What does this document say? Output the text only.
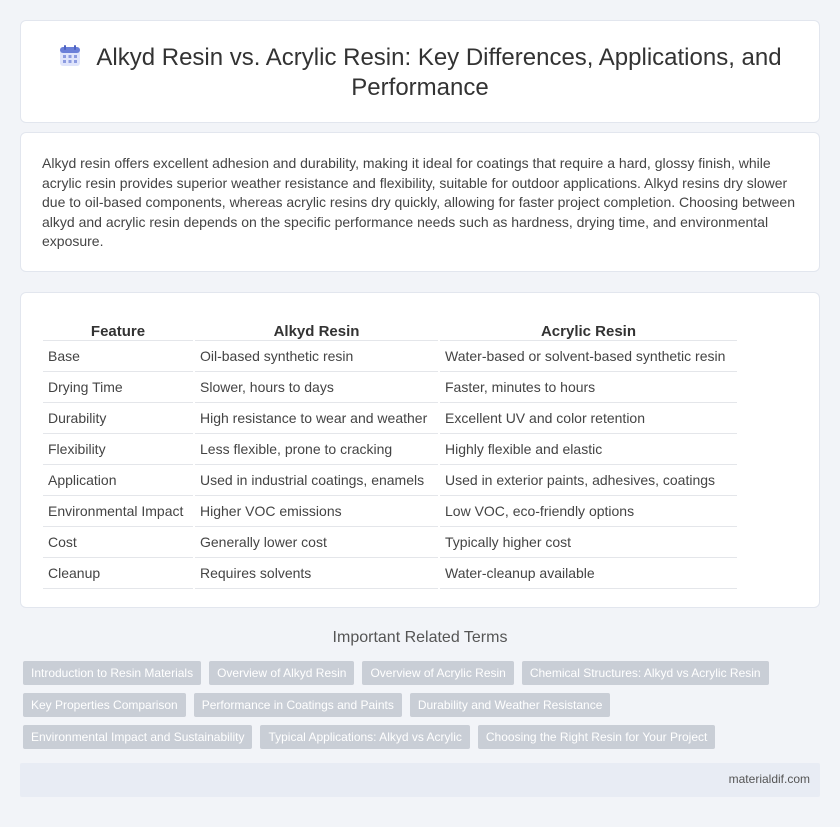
Alkyd Resin vs. Acrylic Resin: Key Differences, Applications, and
Performance

Alkyd resin offers excellent adhesion and durability, making it ideal for coatings that require a hard, glossy finish, while acrylic resin provides superior weather resistance and flexibility, suitable for outdoor applications. Alkyd resins dry slower due to oil-based components, whereas acrylic resins dry quickly, allowing for faster project completion. Choosing between alkyd and acrylic resin depends on the specific performance needs such as hardness, drying time, and environmental exposure.

Feature		Alkyd Resin		Acrylic Resin
Base		Oil-based synthetic resin		Water-based or solvent-based synthetic resin
Drying Time		Slower, hours to days		Faster, minutes to hours
Durability		High resistance to wear and weather		Excellent UV and color retention
Flexibility		Less flexible, prone to cracking		Highly flexible and elastic
Application		Used in industrial coatings, enamels		Used in exterior paints, adhesives, coatings
Environmental Impact		Higher VOC emissions		Low VOC, eco-friendly options
Cost		Generally lower cost		Typically higher cost
Cleanup		Requires solvents		Water-cleanup available
Important Related Terms
Introduction to Resin Materials	Overview of Alkyd Resin	Overview of Acrylic Resin	Chemical Structures: Alkyd vs Acrylic Resin
Key Properties Comparison	Performance in Coatings and Paints	Durability and Weather Resistance
Environmental Impact and Sustainability	Typical Applications: Alkyd vs Acrylic	Choosing the Right Resin for Your Project
materialdif.com
